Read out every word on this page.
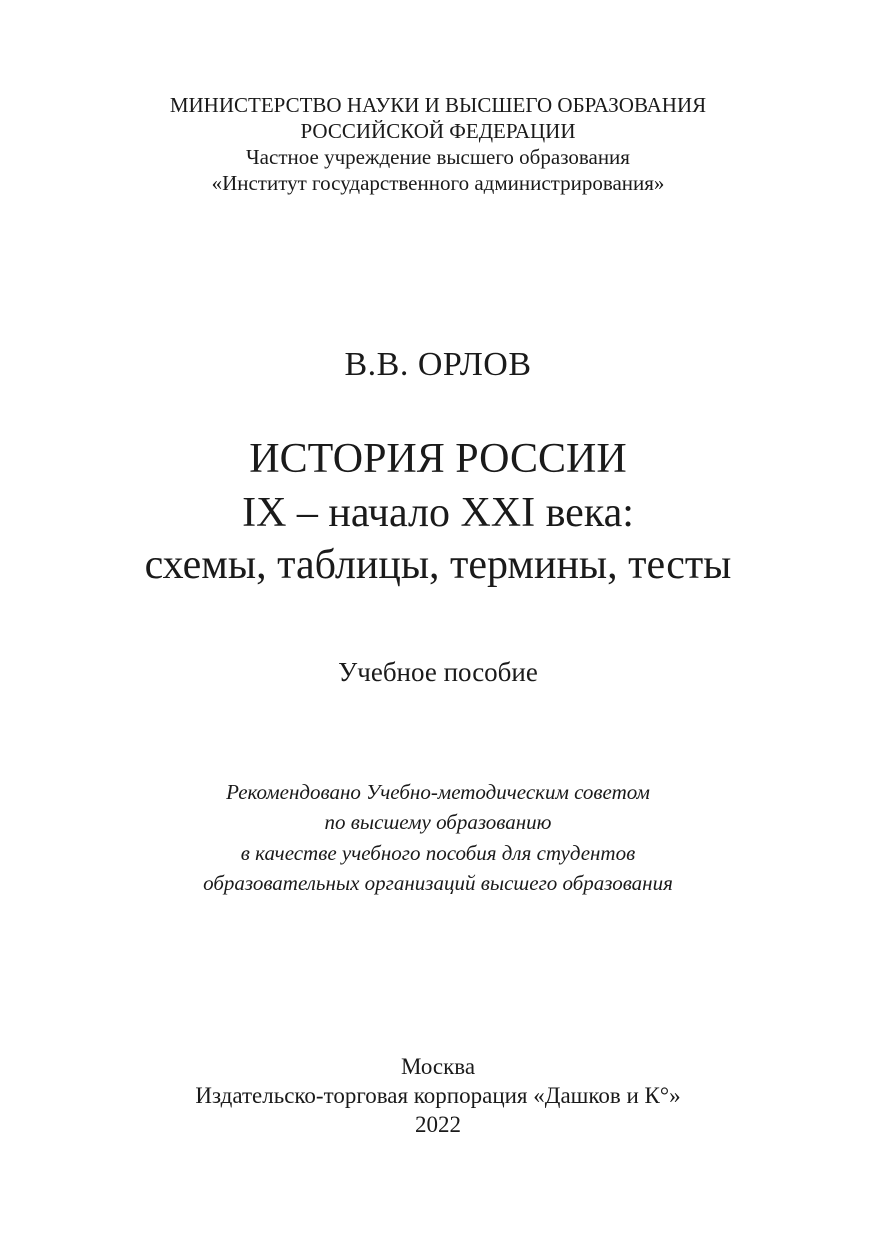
МИНИСТЕРСТВО НАУКИ И ВЫСШЕГО ОБРАЗОВАНИЯ
РОССИЙСКОЙ ФЕДЕРАЦИИ
Частное учреждение высшего образования
«Институт государственного администрирования»
В.В. ОРЛОВ
ИСТОРИЯ РОССИИ
IX – начало XXI века:
схемы, таблицы, термины, тесты
Учебное пособие
Рекомендовано Учебно-методическим советом
по высшему образованию
в качестве учебного пособия для студентов
образовательных организаций высшего образования
Москва
Издательско-торговая корпорация «Дашков и К°»
2022
